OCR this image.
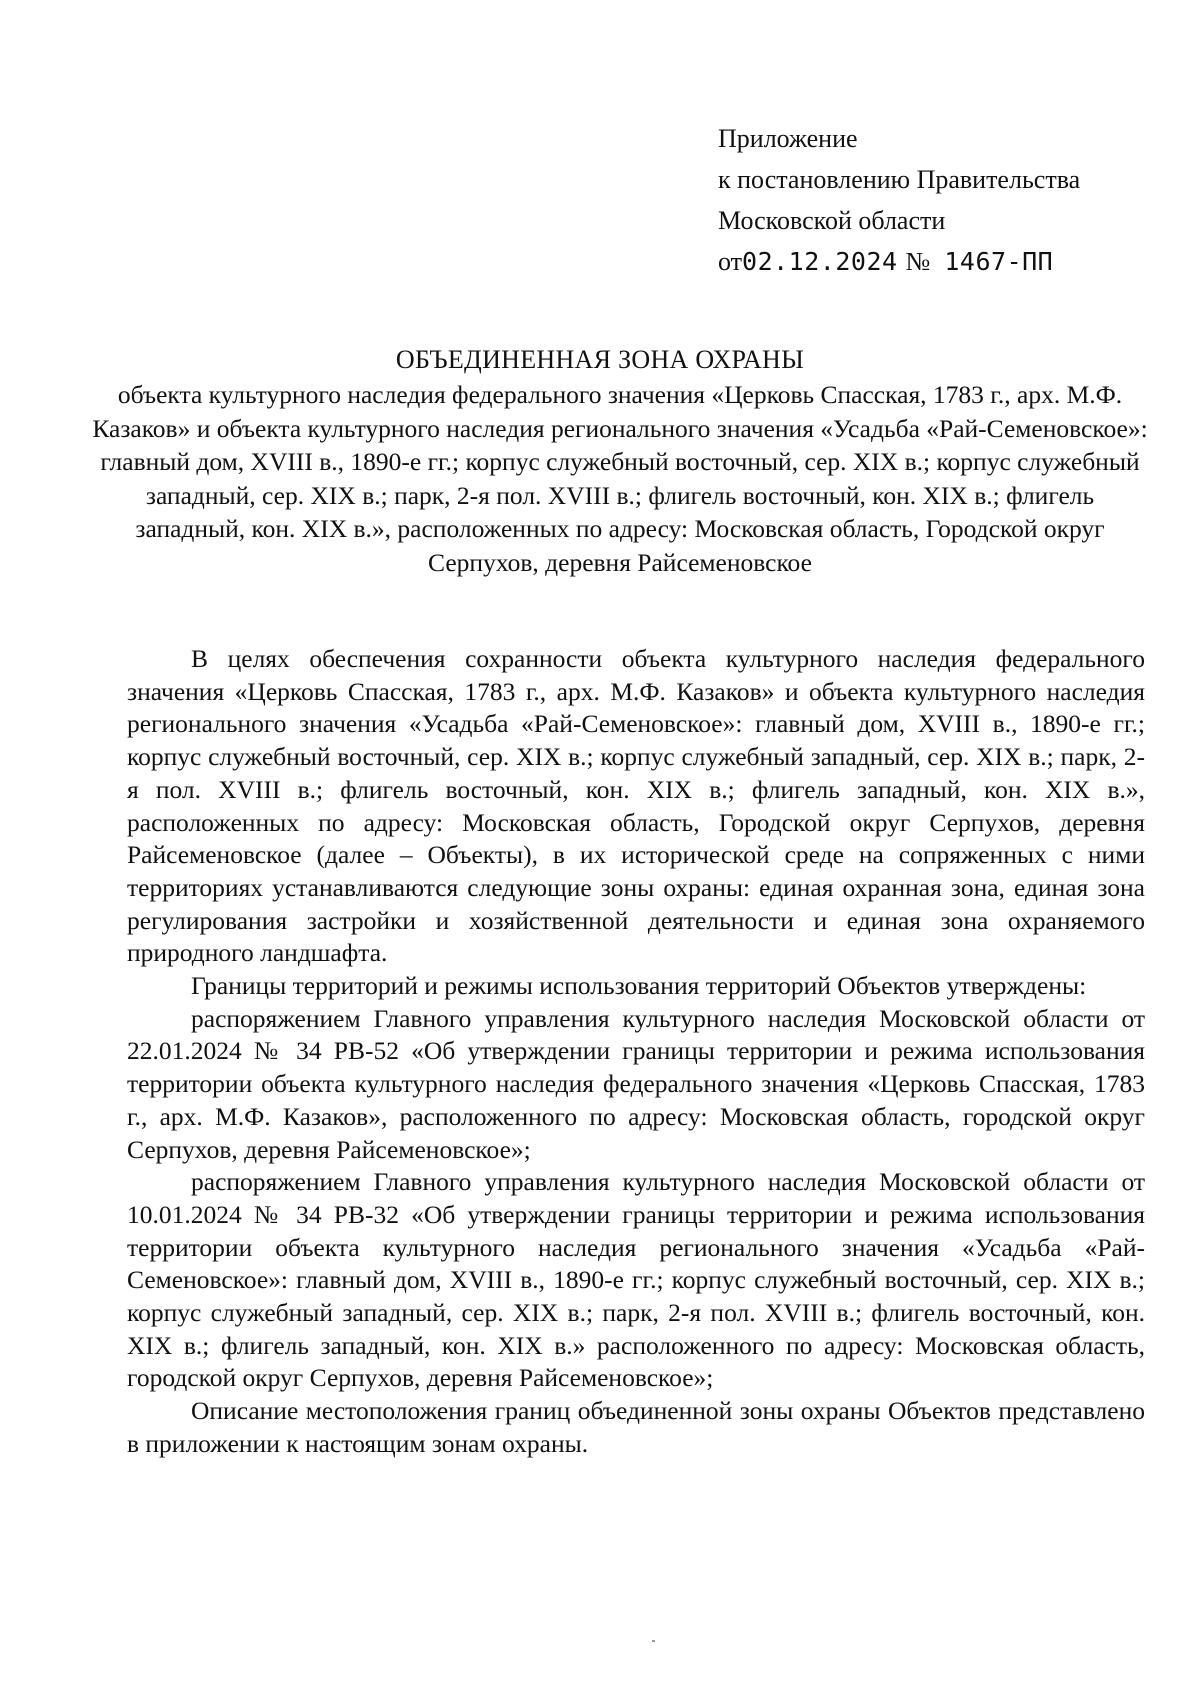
Приложение
к постановлению Правительства
Московской области
от02.12.2024 № 1467-ПП
ОБЪЕДИНЕННАЯ ЗОНА ОХРАНЫ
объекта культурного наследия федерального значения «Церковь Спасская, 1783 г., арх. М.Ф. Казаков» и объекта культурного наследия регионального значения «Усадьба «Рай-Семеновское»: главный дом, XVIII в., 1890-е гг.; корпус служебный восточный, сер. XIX в.; корпус служебный западный, сер. XIX в.; парк, 2-я пол. XVIII в.; флигель восточный, кон. XIX в.; флигель западный, кон. XIX в.», расположенных по адресу: Московская область, Городской округ Серпухов, деревня Райсеменовское

В целях обеспечения сохранности объекта культурного наследия федерального значения «Церковь Спасская, 1783 г., арх. М.Ф. Казаков» и объекта культурного наследия регионального значения «Усадьба «Рай-Семеновское»: главный дом, XVIII в., 1890-е гг.; корпус служебный восточный, сер. XIX в.; корпус служебный западный, сер. XIX в.; парк, 2-я пол. XVIII в.; флигель восточный, кон. XIX в.; флигель западный, кон. XIX в.», расположенных по адресу: Московская область, Городской округ Серпухов, деревня Райсеменовское (далее – Объекты), в их исторической среде на сопряженных с ними территориях устанавливаются следующие зоны охраны: единая охранная зона, единая зона регулирования застройки и хозяйственной деятельности и единая зона охраняемого природного ландшафта.

Границы территорий и режимы использования территорий Объектов утверждены:

распоряжением Главного управления культурного наследия Московской области от 22.01.2024 № 34 РВ-52 «Об утверждении границы территории и режима использования территории объекта культурного наследия федерального значения «Церковь Спасская, 1783 г., арх. М.Ф. Казаков», расположенного по адресу: Московская область, городской округ Серпухов, деревня Райсеменовское»;

распоряжением Главного управления культурного наследия Московской области от 10.01.2024 № 34 РВ-32 «Об утверждении границы территории и режима использования территории объекта культурного наследия регионального значения «Усадьба «Рай-Семеновское»: главный дом, XVIII в., 1890-е гг.; корпус служебный восточный, сер. XIX в.; корпус служебный западный, сер. XIX в.; парк, 2-я пол. XVIII в.; флигель восточный, кон. XIX в.; флигель западный, кон. XIX в.» расположенного по адресу: Московская область, городской округ Серпухов, деревня Райсеменовское»;

Описание местоположения границ объединенной зоны охраны Объектов представлено в приложении к настоящим зонам охраны.
